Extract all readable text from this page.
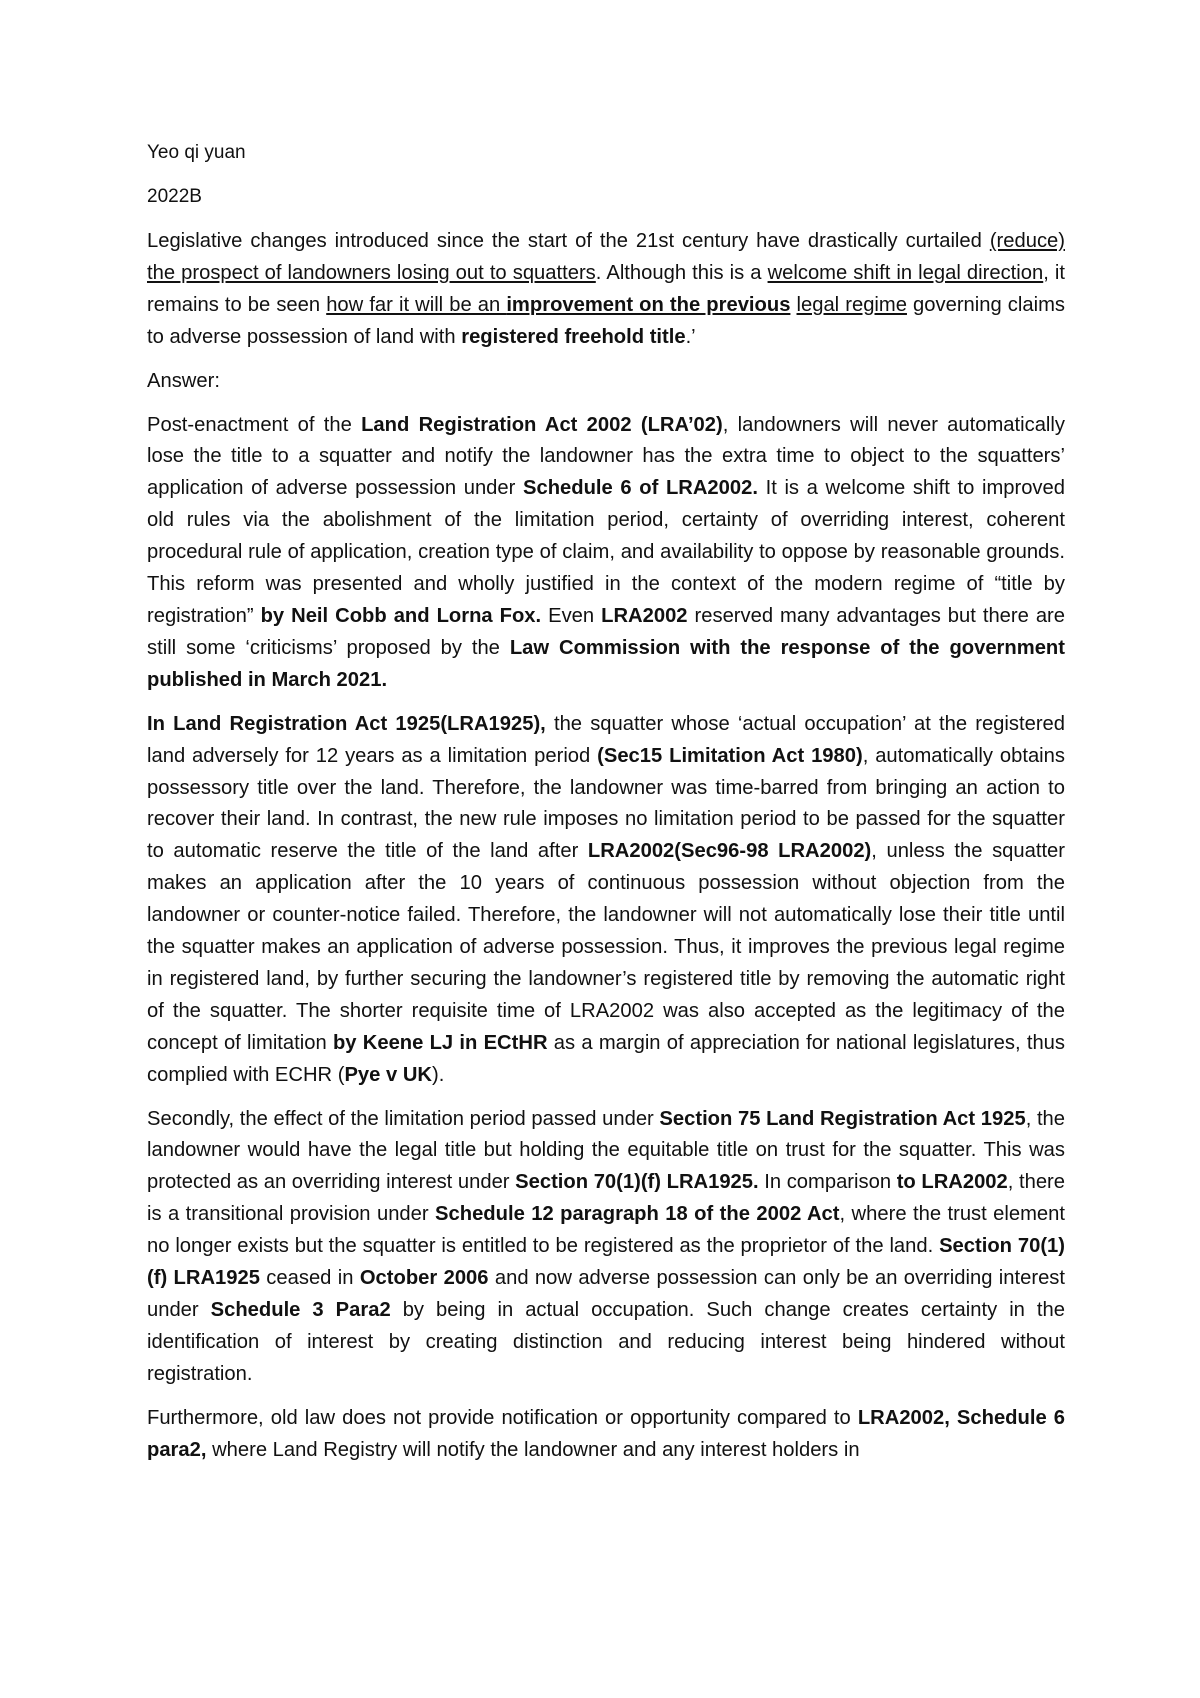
Yeo qi yuan
2022B

Legislative changes introduced since the start of the 21st century have drastically curtailed (reduce) the prospect of landowners losing out to squatters. Although this is a welcome shift in legal direction, it remains to be seen how far it will be an improvement on the previous legal regime governing claims to adverse possession of land with registered freehold title.’

Answer:

Post-enactment of the Land Registration Act 2002 (LRA’02), landowners will never automatically lose the title to a squatter and notify the landowner has the extra time to object to the squatters’ application of adverse possession under Schedule 6 of LRA2002. It is a welcome shift to improved old rules via the abolishment of the limitation period, certainty of overriding interest, coherent procedural rule of application, creation type of claim, and availability to oppose by reasonable grounds. This reform was presented and wholly justified in the context of the modern regime of “title by registration” by Neil Cobb and Lorna Fox. Even LRA2002 reserved many advantages but there are still some ‘criticisms’ proposed by the Law Commission with the response of the government published in March 2021.

In Land Registration Act 1925(LRA1925), the squatter whose ‘actual occupation’ at the registered land adversely for 12 years as a limitation period (Sec15 Limitation Act 1980), automatically obtains possessory title over the land. Therefore, the landowner was time-barred from bringing an action to recover their land. In contrast, the new rule imposes no limitation period to be passed for the squatter to automatic reserve the title of the land after LRA2002(Sec96-98 LRA2002), unless the squatter makes an application after the 10 years of continuous possession without objection from the landowner or counter-notice failed. Therefore, the landowner will not automatically lose their title until the squatter makes an application of adverse possession. Thus, it improves the previous legal regime in registered land, by further securing the landowner’s registered title by removing the automatic right of the squatter. The shorter requisite time of LRA2002 was also accepted as the legitimacy of the concept of limitation by Keene LJ in ECtHR as a margin of appreciation for national legislatures, thus complied with ECHR (Pye v UK).

Secondly, the effect of the limitation period passed under Section 75 Land Registration Act 1925, the landowner would have the legal title but holding the equitable title on trust for the squatter. This was protected as an overriding interest under Section 70(1)(f) LRA1925. In comparison to LRA2002, there is a transitional provision under Schedule 12 paragraph 18 of the 2002 Act, where the trust element no longer exists but the squatter is entitled to be registered as the proprietor of the land. Section 70(1)(f) LRA1925 ceased in October 2006 and now adverse possession can only be an overriding interest under Schedule 3 Para2 by being in actual occupation. Such change creates certainty in the identification of interest by creating distinction and reducing interest being hindered without registration.

Furthermore, old law does not provide notification or opportunity compared to LRA2002, Schedule 6 para2, where Land Registry will notify the landowner and any interest holders in
